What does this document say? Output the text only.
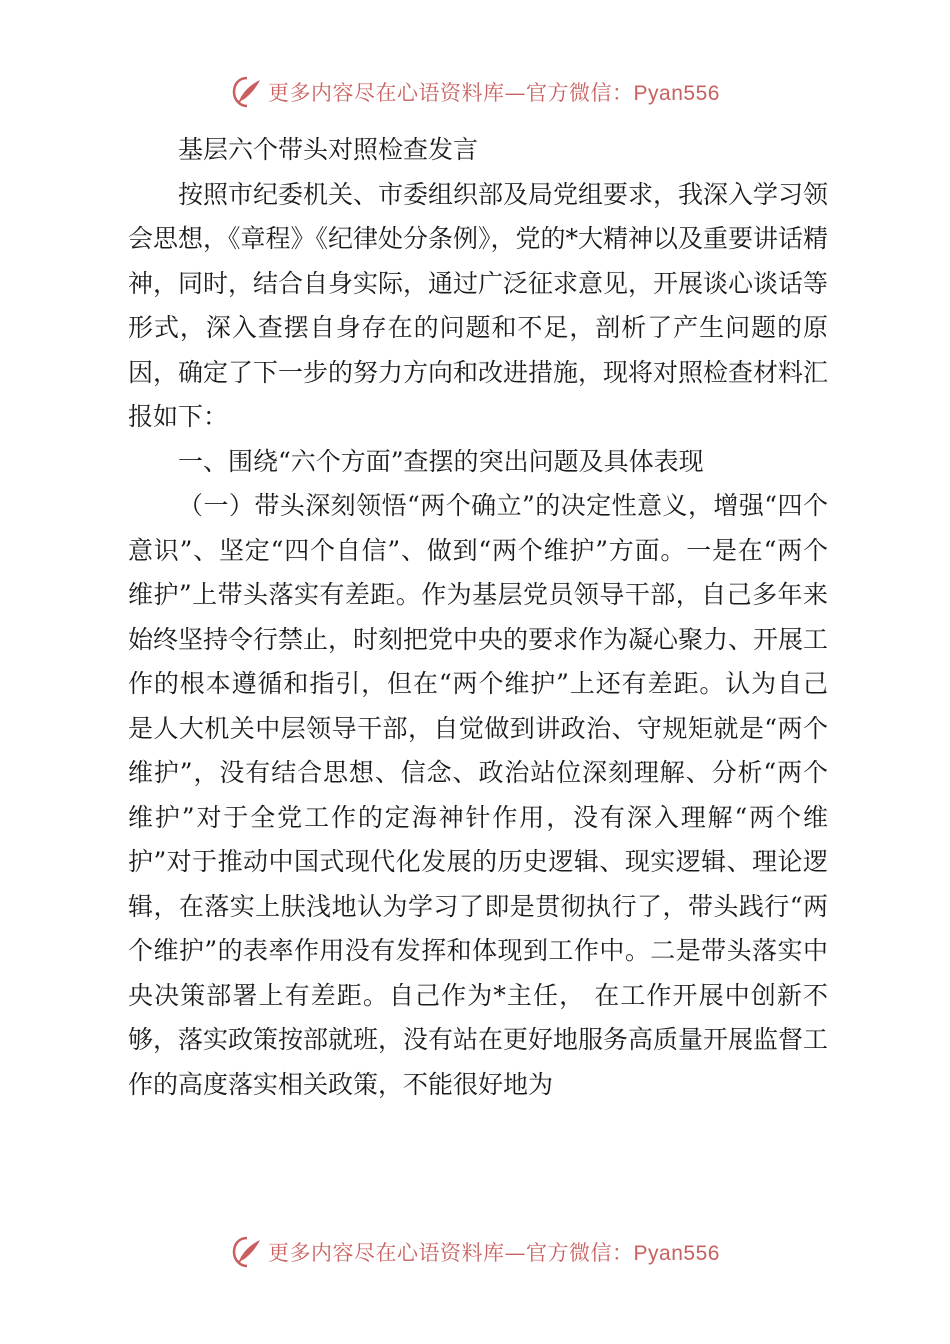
更多内容尽在心语资料库—官方微信：Pyan556

基层六个带头对照检查发言

按照市纪委机关、市委组织部及局党组要求，我深入学习领会思想，《章程》《纪律处分条例》，党的*大精神以及重要讲话精神，同时，结合自身实际，通过广泛征求意见，开展谈心谈话等形式，深入查摆自身存在的问题和不足，剖析了产生问题的原因，确定了下一步的努力方向和改进措施，现将对照检查材料汇报如下：

一、围绕“六个方面”查摆的突出问题及具体表现

（一）带头深刻领悟“两个确立”的决定性意义，增强“四个意识”、坚定“四个自信”、做到“两个维护”方面。一是在“两个维护”上带头落实有差距。作为基层党员领导干部，自己多年来始终坚持令行禁止，时刻把党中央的要求作为凝心聚力、开展工作的根本遵循和指引，但在“两个维护”上还有差距。认为自己是人大机关中层领导干部，自觉做到讲政治、守规矩就是“两个维护”，没有结合思想、信念、政治站位深刻理解、分析“两个维护”对于全党工作的定海神针作用，没有深入理解“两个维护”对于推动中国式现代化发展的历史逻辑、现实逻辑、理论逻辑，在落实上肤浅地认为学习了即是贯彻执行了，带头践行“两个维护”的表率作用没有发挥和体现到工作中。二是带头落实中央决策部署上有差距。自己作为*主任， 在工作开展中创新不够，落实政策按部就班，没有站在更好地服务高质量开展监督工作的高度落实相关政策，不能很好地为

更多内容尽在心语资料库—官方微信：Pyan556
